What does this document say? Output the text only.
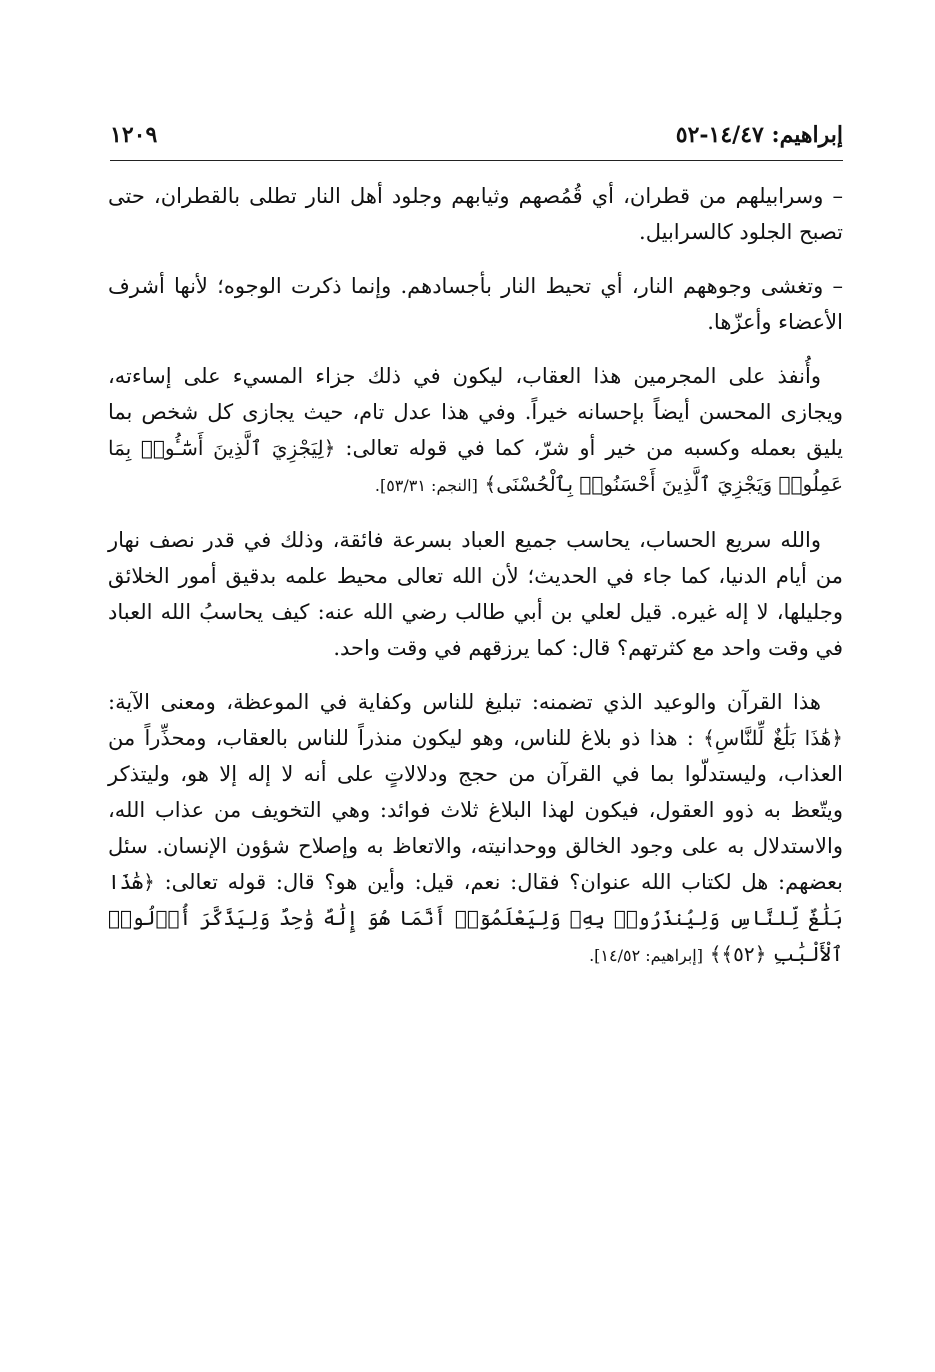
إبراهيم: ١٤/٤٧-٥٢
١٢٠٩

– وسرابيلهم من قطران، أي قُمُصهم وثيابهم وجلود أهل النار تطلى بالقطران، حتى تصبح الجلود كالسرابيل.

– وتغشى وجوههم النار، أي تحيط النار بأجسادهم. وإنما ذكرت الوجوه؛ لأنها أشرف الأعضاء وأعزّها.

وأُنفذ على المجرمين هذا العقاب، ليكون في ذلك جزاء المسيء على إساءته، ويجازى المحسن أيضاً بإحسانه خيراً. وفي هذا عدل تام، حيث يجازى كل شخص بما يليق بعمله وكسبه من خير أو شرّ، كما في قوله تعالى: ﴿لِيَجْزِيَ ٱلَّذِينَ أَسَٰٓـُٔوا۟ بِمَا عَمِلُوا۟ وَيَجْزِيَ ٱلَّذِينَ أَحْسَنُوا۟ بِٱلْحُسْنَى﴾ [النجم: ٥٣/٣١].

والله سريع الحساب، يحاسب جميع العباد بسرعة فائقة، وذلك في قدر نصف نهار من أيام الدنيا، كما جاء في الحديث؛ لأن الله تعالى محيط علمه بدقيق أمور الخلائق وجليلها، لا إله غيره. قيل لعلي بن أبي طالب رضي الله عنه: كيف يحاسبُ الله العباد في وقت واحد مع كثرتهم؟ قال: كما يرزقهم في وقت واحد.

هذا القرآن والوعيد الذي تضمنه: تبليغ للناس وكفاية في الموعظة، ومعنى الآية: ﴿هَٰذَا بَلَٰغٌ لِّلنَّاسِ﴾ : هذا ذو بلاغ للناس، وهو ليكون منذراً للناس بالعقاب، ومحذِّراً من العذاب، وليستدلّوا بما في القرآن من حجج ودلالاتٍ على أنه لا إله إلا هو، وليتذكر ويتّعظ به ذوو العقول، فيكون لهذا البلاغ ثلاث فوائد: وهي التخويف من عذاب الله، والاستدلال به على وجود الخالق ووحدانيته، والاتعاظ به وإصلاح شؤون الإنسان. سئل بعضهم: هل لكتاب الله عنوان؟ فقال: نعم، قيل: وأين هو؟ قال: قوله تعالى: ﴿هَٰذَا بَلَٰغٌ لِّلنَّاسِ وَلِيُنذَرُوا۟ بِهِۦ وَلِيَعْلَمُوٓا۟ أَنَّمَا هُوَ إِلَٰهٌ وَٰحِدٌ وَلِيَذَّكَّرَ أُو۟لُوا۟ ٱلْأَلْبَٰبِ ﴿٥٢﴾﴾ [إبراهيم: ١٤/٥٢].
